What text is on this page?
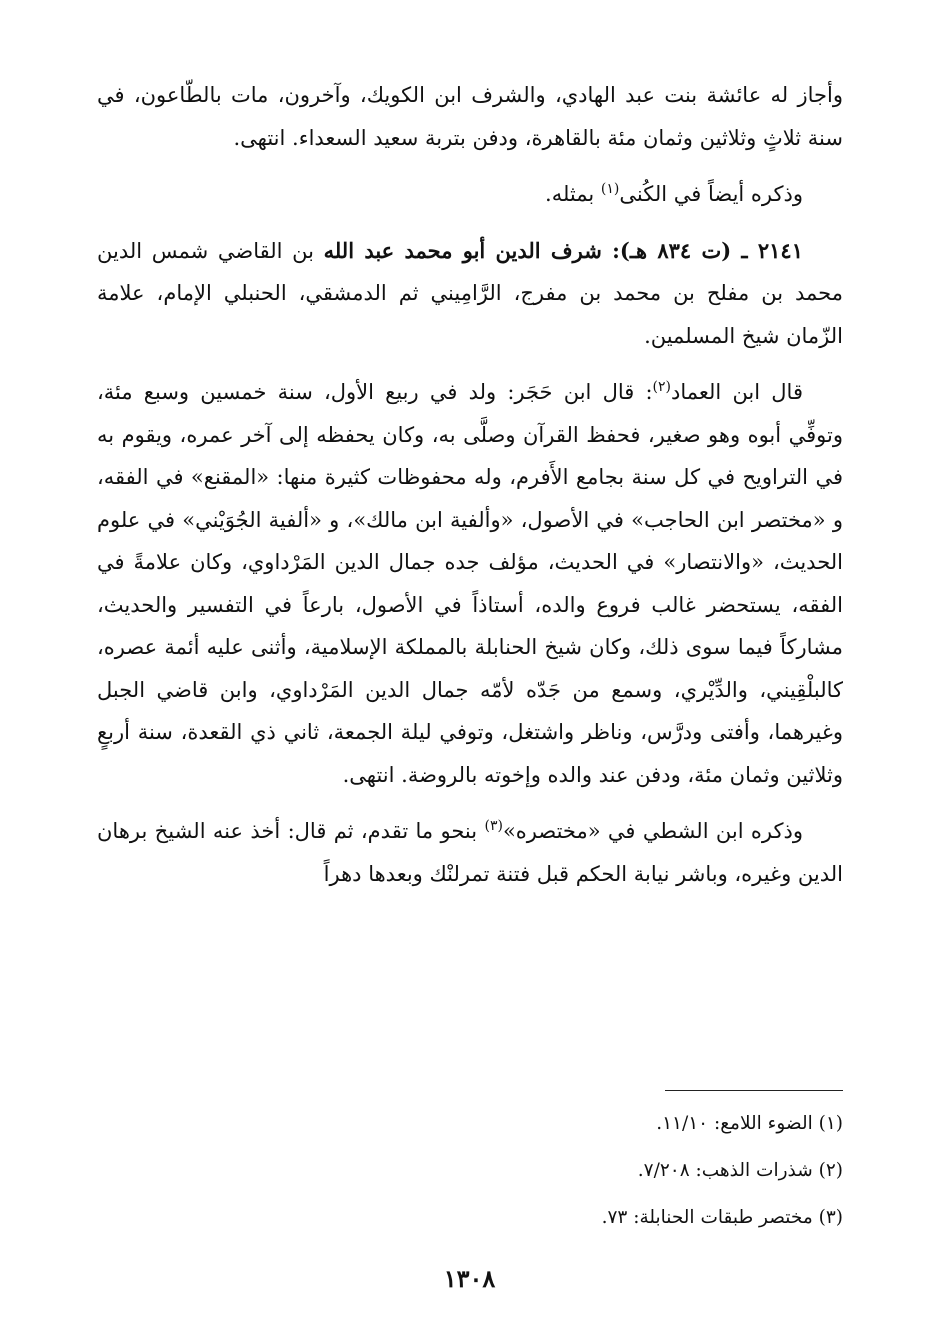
وأجاز له عائشة بنت عبد الهادي، والشرف ابن الكويك، وآخرون، مات بالطّاعون، في سنة ثلاثٍ وثلاثين وثمان مئة بالقاهرة، ودفن بتربة سعيد السعداء. انتهى.

وذكره أيضاً في الكُنى$^{(١)}$ بمثله.

٢١٤١ ـ (ت ٨٣٤ هـ): شرف الدين أبو محمد عبد الله بن القاضي شمس الدين محمد بن مفلح بن محمد بن مفرج، الرَّامِيني ثم الدمشقي، الحنبلي الإمام، علامة الزّمان شيخ المسلمين.

قال ابن العماد$^{(٢)}$: قال ابن حَجَر: ولد في ربيع الأول، سنة خمسين وسبع مئة، وتوفِّي أبوه وهو صغير، فحفظ القرآن وصلَّى به، وكان يحفظه إلى آخر عمره، ويقوم به في التراويح في كل سنة بجامع الأَفرم، وله محفوظات كثيرة منها: «المقنع» في الفقه، و «مختصر ابن الحاجب» في الأصول، «وألفية ابن مالك»، و «ألفية الجُوَيْني» في علوم الحديث، «والانتصار» في الحديث، مؤلف جده جمال الدين المَرْداوي، وكان علامةً في الفقه، يستحضر غالب فروع والده، أستاذاً في الأصول، بارعاً في التفسير والحديث، مشاركاً فيما سوى ذلك، وكان شيخ الحنابلة بالمملكة الإسلامية، وأثنى عليه أئمة عصره، كالبلْقِيني، والدِّيْري، وسمع من جَدّه لأمّه جمال الدين المَرْداوي، وابن قاضي الجبل وغيرهما، وأفتى ودرَّس، وناظر واشتغل، وتوفي ليلة الجمعة، ثاني ذي القعدة، سنة أربعٍ وثلاثين وثمان مئة، ودفن عند والده وإخوته بالروضة. انتهى.

وذكره ابن الشطي في «مختصره»$^{(٣)}$ بنحو ما تقدم، ثم قال: أخذ عنه الشيخ برهان الدين وغيره، وباشر نيابة الحكم قبل فتنة تمرلنْك وبعدها دهراً

(١) الضوء اللامع: ١١/١٠.

(٢) شذرات الذهب: ٧/٢٠٨.

(٣) مختصر طبقات الحنابلة: ٧٣.

١٣٠٨
